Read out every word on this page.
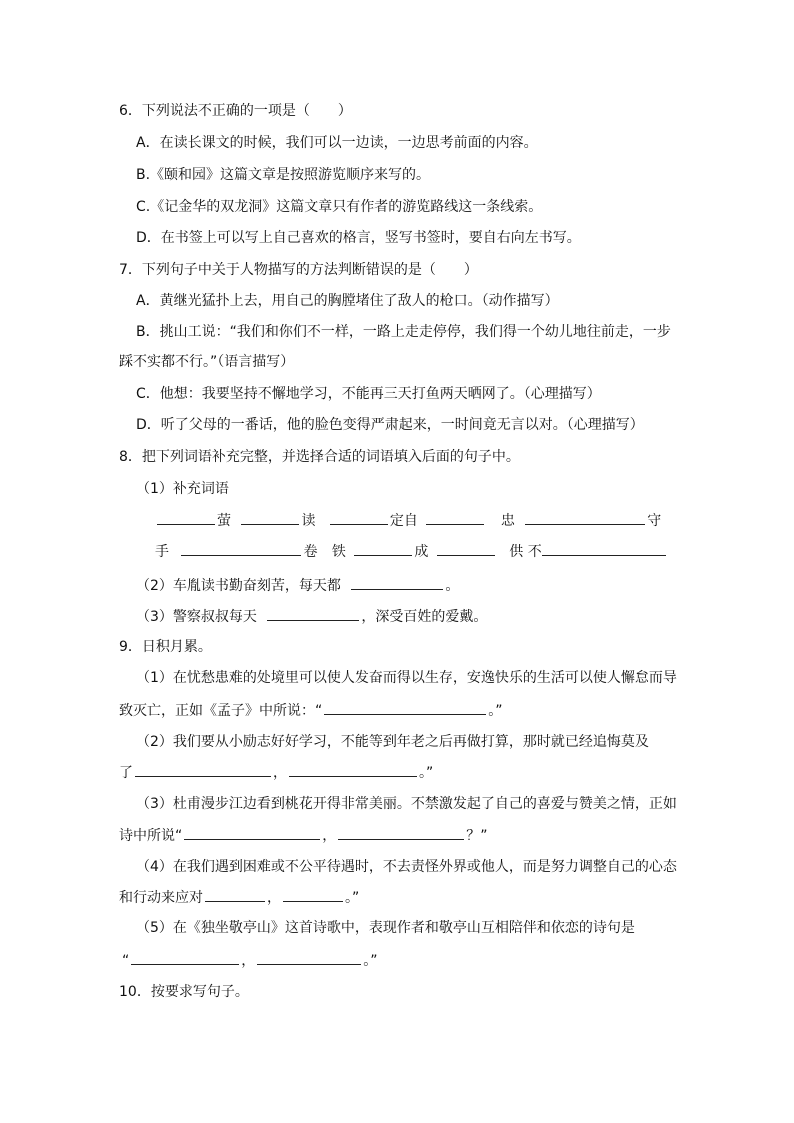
6．下列说法不正确的一项是（　　）
A．在读长课文的时候，我们可以一边读，一边思考前面的内容。
B.《颐和园》这篇文章是按照游览顺序来写的。
C.《记金华的双龙洞》这篇文章只有作者的游览路线这一条线索。
D．在书签上可以写上自己喜欢的格言，竖写书签时，要自右向左书写。
7．下列句子中关于人物描写的方法判断错误的是（　　）
A．黄继光猛扑上去，用自己的胸膛堵住了敌人的枪口。（动作描写）
B．挑山工说：“我们和你们不一样，一路上走走停停，我们得一个幼儿地往前走，一步
踩不实都不行。”（语言描写）
C．他想：我要坚持不懈地学习，不能再三天打鱼两天晒网了。（心理描写）
D．听了父母的一番话，他的脸色变得严肃起来，一时间竟无言以对。（心理描写）
8．把下列词语补充完整，并选择合适的词语填入后面的句子中。
（1）补充词语
萤	读	定自	忠	守
手	卷 铁	成	供 不
（2）车胤读书勤奋刻苦，每天都	。
（3）警察叔叔每天	，深受百姓的爱戴。
9．日积月累。
（1）在忧愁患难的处境里可以使人发奋而得以生存，安逸快乐的生活可以使人懈怠而导
致灭亡，正如《孟子》中所说：“	。”
（2）我们要从小励志好好学习，不能等到年老之后再做打算，那时就已经追悔莫及
了	，	。”
（3）杜甫漫步江边看到桃花开得非常美丽。不禁激发起了自己的喜爱与赞美之情，正如
诗中所说“	，	？”
（4）在我们遇到困难或不公平待遇时，不去责怪外界或他人，而是努力调整自己的心态
和行动来应对	，	。”
（5）在《独坐敬亭山》这首诗歌中，表现作者和敬亭山互相陪伴和依恋的诗句是
“	，	。”
10．按要求写句子。
